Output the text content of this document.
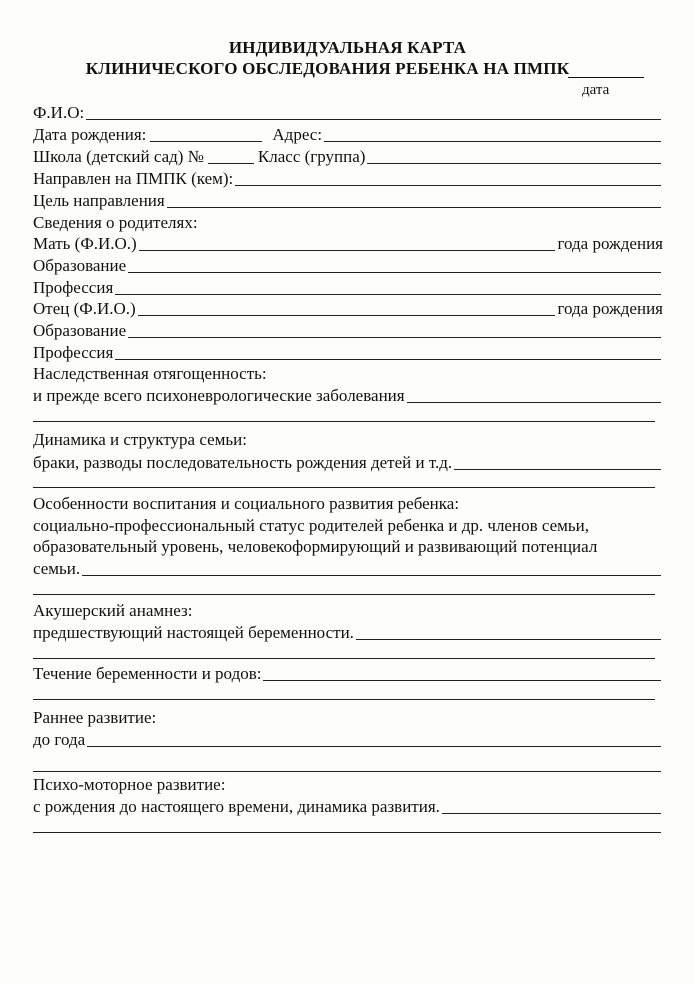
ИНДИВИДУАЛЬНАЯ КАРТА
КЛИНИЧЕСКОГО ОБСЛЕДОВАНИЯ РЕБЕНКА НА ПМПК
дата
Ф.И.О:
Дата рождения:	Адрес:
Школа (детский сад) №	Класс (группа)
Направлен на ПМПК (кем):
Цель направления
Сведения о родителях:
Мать (Ф.И.О.)	года рождения
Образование
Профессия
Отец (Ф.И.О.)	года рождения
Образование
Профессия
Наследственная отягощенность:
и прежде всего психоневрологические заболевания
Динамика и структура семьи:
браки, разводы последовательность рождения детей и т.д.
Особенности воспитания и социального развития ребенка:
социально-профессиональный статус родителей ребенка и др. членов семьи,
образовательный уровень, человекоформирующий и развивающий потенциал
семьи.
Акушерский анамнез:
предшествующий настоящей беременности.
Течение беременности и родов:
Раннее развитие:
до года
Психо-моторное развитие:
с рождения до настоящего времени, динамика развития.
